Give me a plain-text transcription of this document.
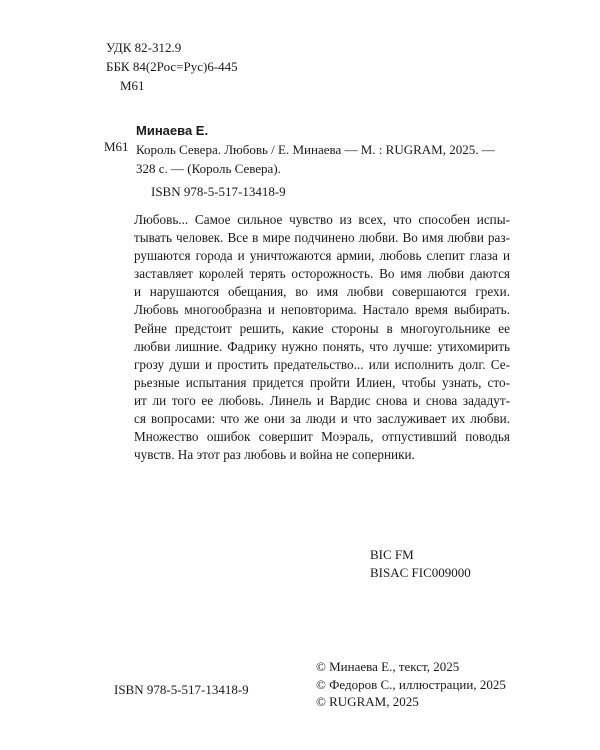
УДК 82-312.9
ББК 84(2Рос=Рус)6-445
М61
М61
Минаева Е.
Король Севера. Любовь / Е. Минаева — М. : RUGRAM, 2025. — 328 с. — (Король Севера).
ISBN 978-5-517-13418-9
Любовь... Самое сильное чувство из всех, что способен испы-
тывать человек. Все в мире подчинено любви. Во имя любви раз-
рушаются города и уничтожаются армии, любовь слепит глаза и
заставляет королей терять осторожность. Во имя любви даются
и нарушаются обещания, во имя любви совершаются грехи.
Любовь многообразна и неповторима. Настало время выбирать.
Рейне предстоит решить, какие стороны в многоугольнике ее
любви лишние. Фадрику нужно понять, что лучше: утихомирить
грозу души и простить предательство... или исполнить долг. Се-
рьезные испытания придется пройти Илиен, чтобы узнать, сто-
ит ли того ее любовь. Линель и Вардис снова и снова зададут-
ся вопросами: что же они за люди и что заслуживает их любви.
Множество ошибок совершит Моэраль, отпустивший поводья
чувств. На этот раз любовь и война не соперники.
BIC FM
BISAC FIC009000
ISBN 978-5-517-13418-9
© Минаева Е., текст, 2025
© Федоров С., иллюстрации, 2025
© RUGRAM, 2025
